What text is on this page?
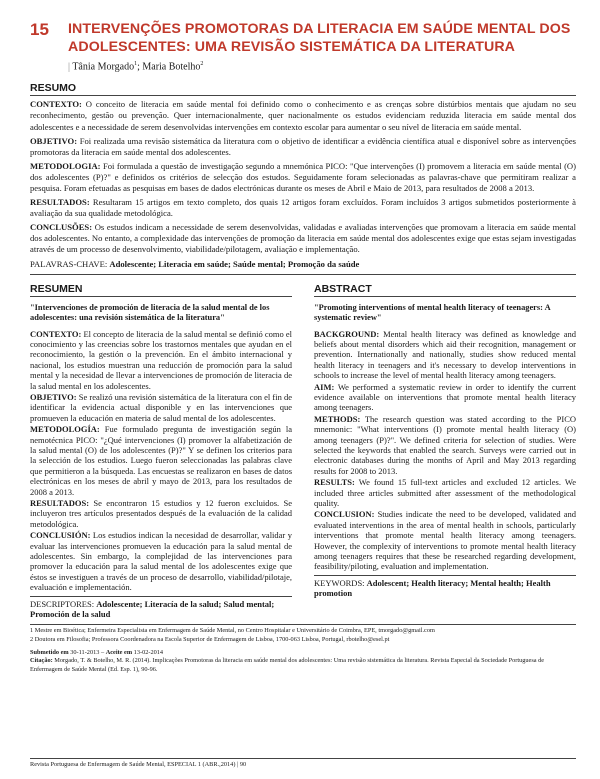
15	INTERVENÇÕES PROMOTORAS DA LITERACIA EM SAÚDE MENTAL DOS ADOLESCENTES: UMA REVISÃO SISTEMÁTICA DA LITERATURA
| Tânia Morgado$^1$; Maria Botelho$^2$
RESUMO

CONTEXTO: O conceito de literacia em saúde mental foi definido como o conhecimento e as crenças sobre distúrbios mentais que ajudam no seu reconhecimento, gestão ou prevenção. Quer internacionalmente, quer nacionalmente os estudos evidenciam reduzida literacia em saúde mental dos adolescentes e a necessidade de serem desenvolvidas intervenções em contexto escolar para aumentar o seu nível de literacia em saúde mental.

OBJETIVO: Foi realizada uma revisão sistemática da literatura com o objetivo de identificar a evidência científica atual e disponível sobre as intervenções promotoras da literacia em saúde mental dos adolescentes.

METODOLOGIA: Foi formulada a questão de investigação segundo a mnemónica PICO: "Que intervenções (I) promovem a literacia em saúde mental (O) dos adolescentes (P)?" e definidos os critérios de selecção dos estudos. Seguidamente foram selecionadas as palavras-chave que permitiram realizar a pesquisa. Foram efetuadas as pesquisas em bases de dados electrónicas durante os meses de Abril e Maio de 2013, para resultados de 2008 a 2013.

RESULTADOS: Resultaram 15 artigos em texto completo, dos quais 12 artigos foram excluídos. Foram incluídos 3 artigos submetidos posteriormente à avaliação da sua qualidade metodológica.

CONCLUSÕES: Os estudos indicam a necessidade de serem desenvolvidas, validadas e avaliadas intervenções que promovam a literacia em saúde mental dos adolescentes. No entanto, a complexidade das intervenções de promoção da literacia em saúde mental dos adolescentes exige que estas sejam investigadas através de um processo de desenvolvimento, viabilidade/pilotagem, avaliação e implementação.

PALAVRAS-CHAVE: Adolescente; Literacia em saúde; Saúde mental; Promoção da saúde
RESUMEN
"Intervenciones de promoción de literacia de la salud mental de los adolescentes: una revisión sistemática de la literatura"

CONTEXTO: El concepto de literacia de la salud mental se definió como el conocimiento y las creencias sobre los trastornos mentales que ayudan en el reconocimiento, la gestión o la prevención. En el ámbito internacional y nacional, los estudios muestran una reducción de promoción para la salud mental y la necesidad de llevar a intervenciones de promoción de literacia de la salud mental en los adolescentes.

OBJETIVO: Se realizó una revisión sistemática de la literatura con el fin de identificar la evidencia actual disponible y en las intervenciones que promueven la educación en materia de salud mental de los adolescentes.

METODOLOGÍA: Fue formulado pregunta de investigación según la nemotécnica PICO: "¿Qué intervenciones (I) promover la alfabetización de la salud mental (O) de los adolescentes (P)?" Y se definen los criterios para la selección de los estudios. Luego fueron seleccionadas las palabras clave que permitieron a la búsqueda. Las encuestas se realizaron en bases de datos electrónicas en los meses de abril y mayo de 2013, para los resultados de 2008 a 2013.

RESULTADOS: Se encontraron 15 estudios y 12 fueron excluidos. Se incluyeron tres artículos presentados después de la evaluación de la calidad metodológica.

CONCLUSIÓN: Los estudios indican la necesidad de desarrollar, validar y evaluar las intervenciones promueven la educación para la salud mental de adolescentes. Sin embargo, la complejidad de las intervenciones para promover la educación para la salud mental de los adolescentes exige que éstos se investiguen a través de un proceso de desarrollo, viabilidad/pilotaje, evaluación e implementación.

DESCRIPTORES: Adolescente; Literacía de la salud; Salud mental; Promoción de la salud
ABSTRACT
"Promoting interventions of mental health literacy of teenagers: A systematic review"

BACKGROUND: Mental health literacy was defined as knowledge and beliefs about mental disorders which aid their recognition, management or prevention. Internationally and nationally, studies show reduced mental health literacy in teenagers and it's necessary to develop interventions in schools to increase the level of mental health literacy among teenagers.

AIM: We performed a systematic review in order to identify the current evidence available on interventions that promote mental health literacy among teenagers.

METHODS: The research question was stated according to the PICO mnemonic: "What interventions (I) promote mental health literacy (O) among teenagers (P)?". We defined criteria for selection of studies. Were selected the keywords that enabled the search. Surveys were carried out in electronic databases during the months of April and May 2013 regarding results for 2008 to 2013.

RESULTS: We found 15 full-text articles and excluded 12 articles. We included three articles submitted after assessment of the methodological quality.

CONCLUSION: Studies indicate the need to be developed, validated and evaluated interventions in the area of mental health in schools, particularly interventions that promote mental health literacy among teenagers. However, the complexity of interventions to promote mental health literacy among teenagers requires that these be researched regarding development, feasibility/piloting, evaluation and implementation.

KEYWORDS: Adolescent; Health literacy; Mental health; Health promotion
1 Mestre em Bioética; Enfermeira Especialista em Enfermagem de Saúde Mental, no Centro Hospitalar e Universitário de Coimbra, EPE, tmorgado@gmail.com
2 Doutora em Filosofia; Professora Coordenadora na Escola Superior de Enfermagem de Lisboa, 1700-063 Lisboa, Portugal, rbotelho@esel.pt
Submetido em 30-11-2013 – Aceite em 13-02-2014
Citação: Morgado, T. & Botelho, M. R. (2014). Implicações Promotoras da literacia em saúde mental dos adolescentes: Uma revisão sistemática da literatura. Revista Especial da Sociedade Portuguesa de Enfermagem de Saúde Mental (Ed. Esp. 1), 90-96.
Revista Portuguesa de Enfermagem de Saúde Mental, ESPECIAL 1 (ABR.,2014) | 90
